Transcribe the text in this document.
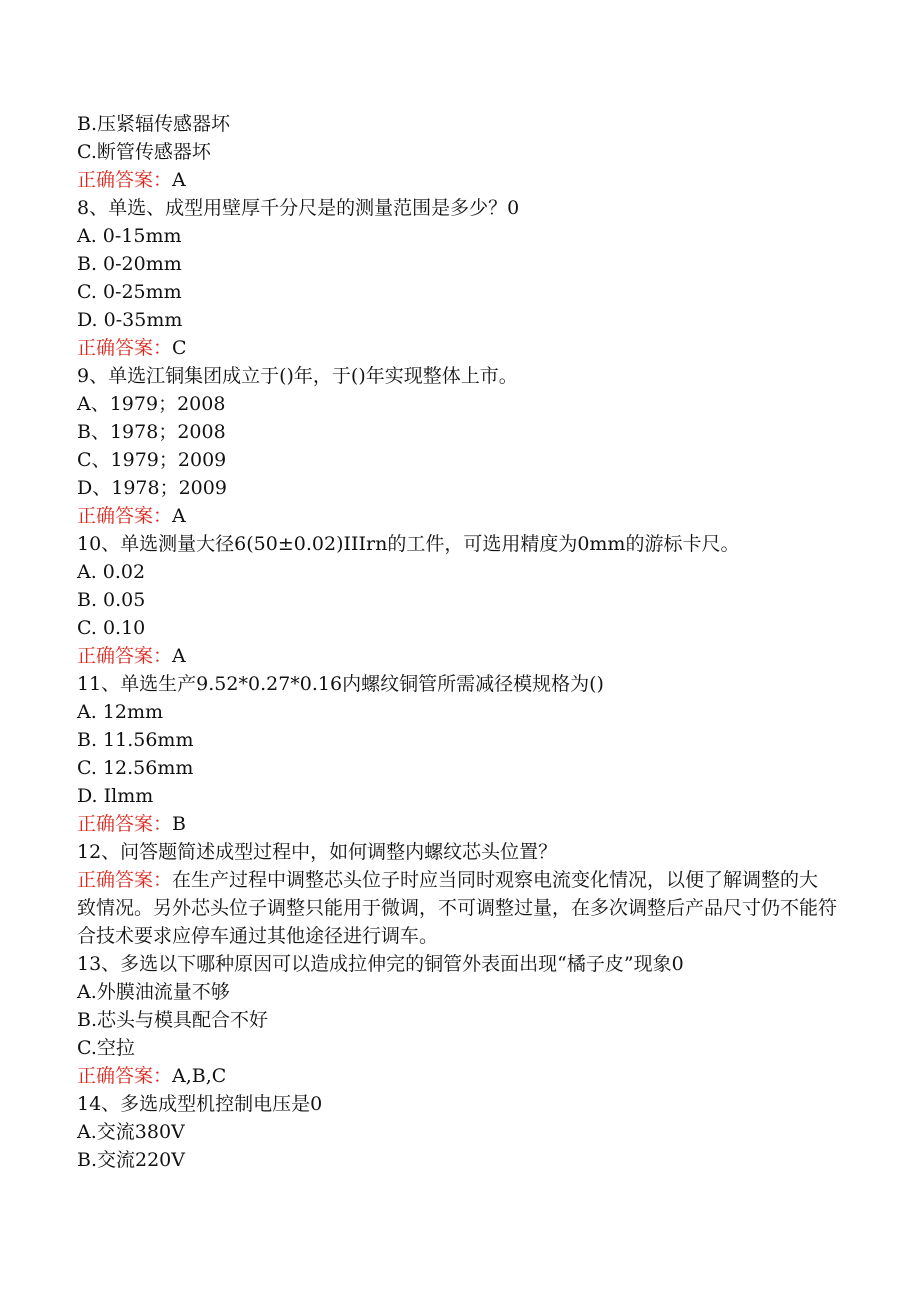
B.压紧辐传感器坏
C.断管传感器坏
正确答案：A
8、单选、成型用壁厚千分尺是的测量范围是多少？0
A. 0-15mm
B. 0-20mm
C. 0-25mm
D. 0-35mm
正确答案：C
9、单选江铜集团成立于()年，于()年实现整体上市。
A、1979；2008
B、1978；2008
C、1979；2009
D、1978；2009
正确答案：A
10、单选测量大径6(50±0.02)IIIrn的工件，可选用精度为0mm的游标卡尺。
A. 0.02
B. 0.05
C. 0.10
正确答案：A
11、单选生产9.52*0.27*0.16内螺纹铜管所需减径模规格为()
A. 12mm
B. 11.56mm
C. 12.56mm
D. Ilmm
正确答案：B
12、问答题简述成型过程中，如何调整内螺纹芯头位置？
正确答案：在生产过程中调整芯头位子时应当同时观察电流变化情况，以便了解调整的大致情况。另外芯头位子调整只能用于微调，不可调整过量，在多次调整后产品尺寸仍不能符合技术要求应停车通过其他途径进行调车。
13、多选以下哪种原因可以造成拉伸完的铜管外表面出现“橘子皮”现象0
A.外膜油流量不够
B.芯头与模具配合不好
C.空拉
正确答案：A,B,C
14、多选成型机控制电压是0
A.交流380V
B.交流220V
